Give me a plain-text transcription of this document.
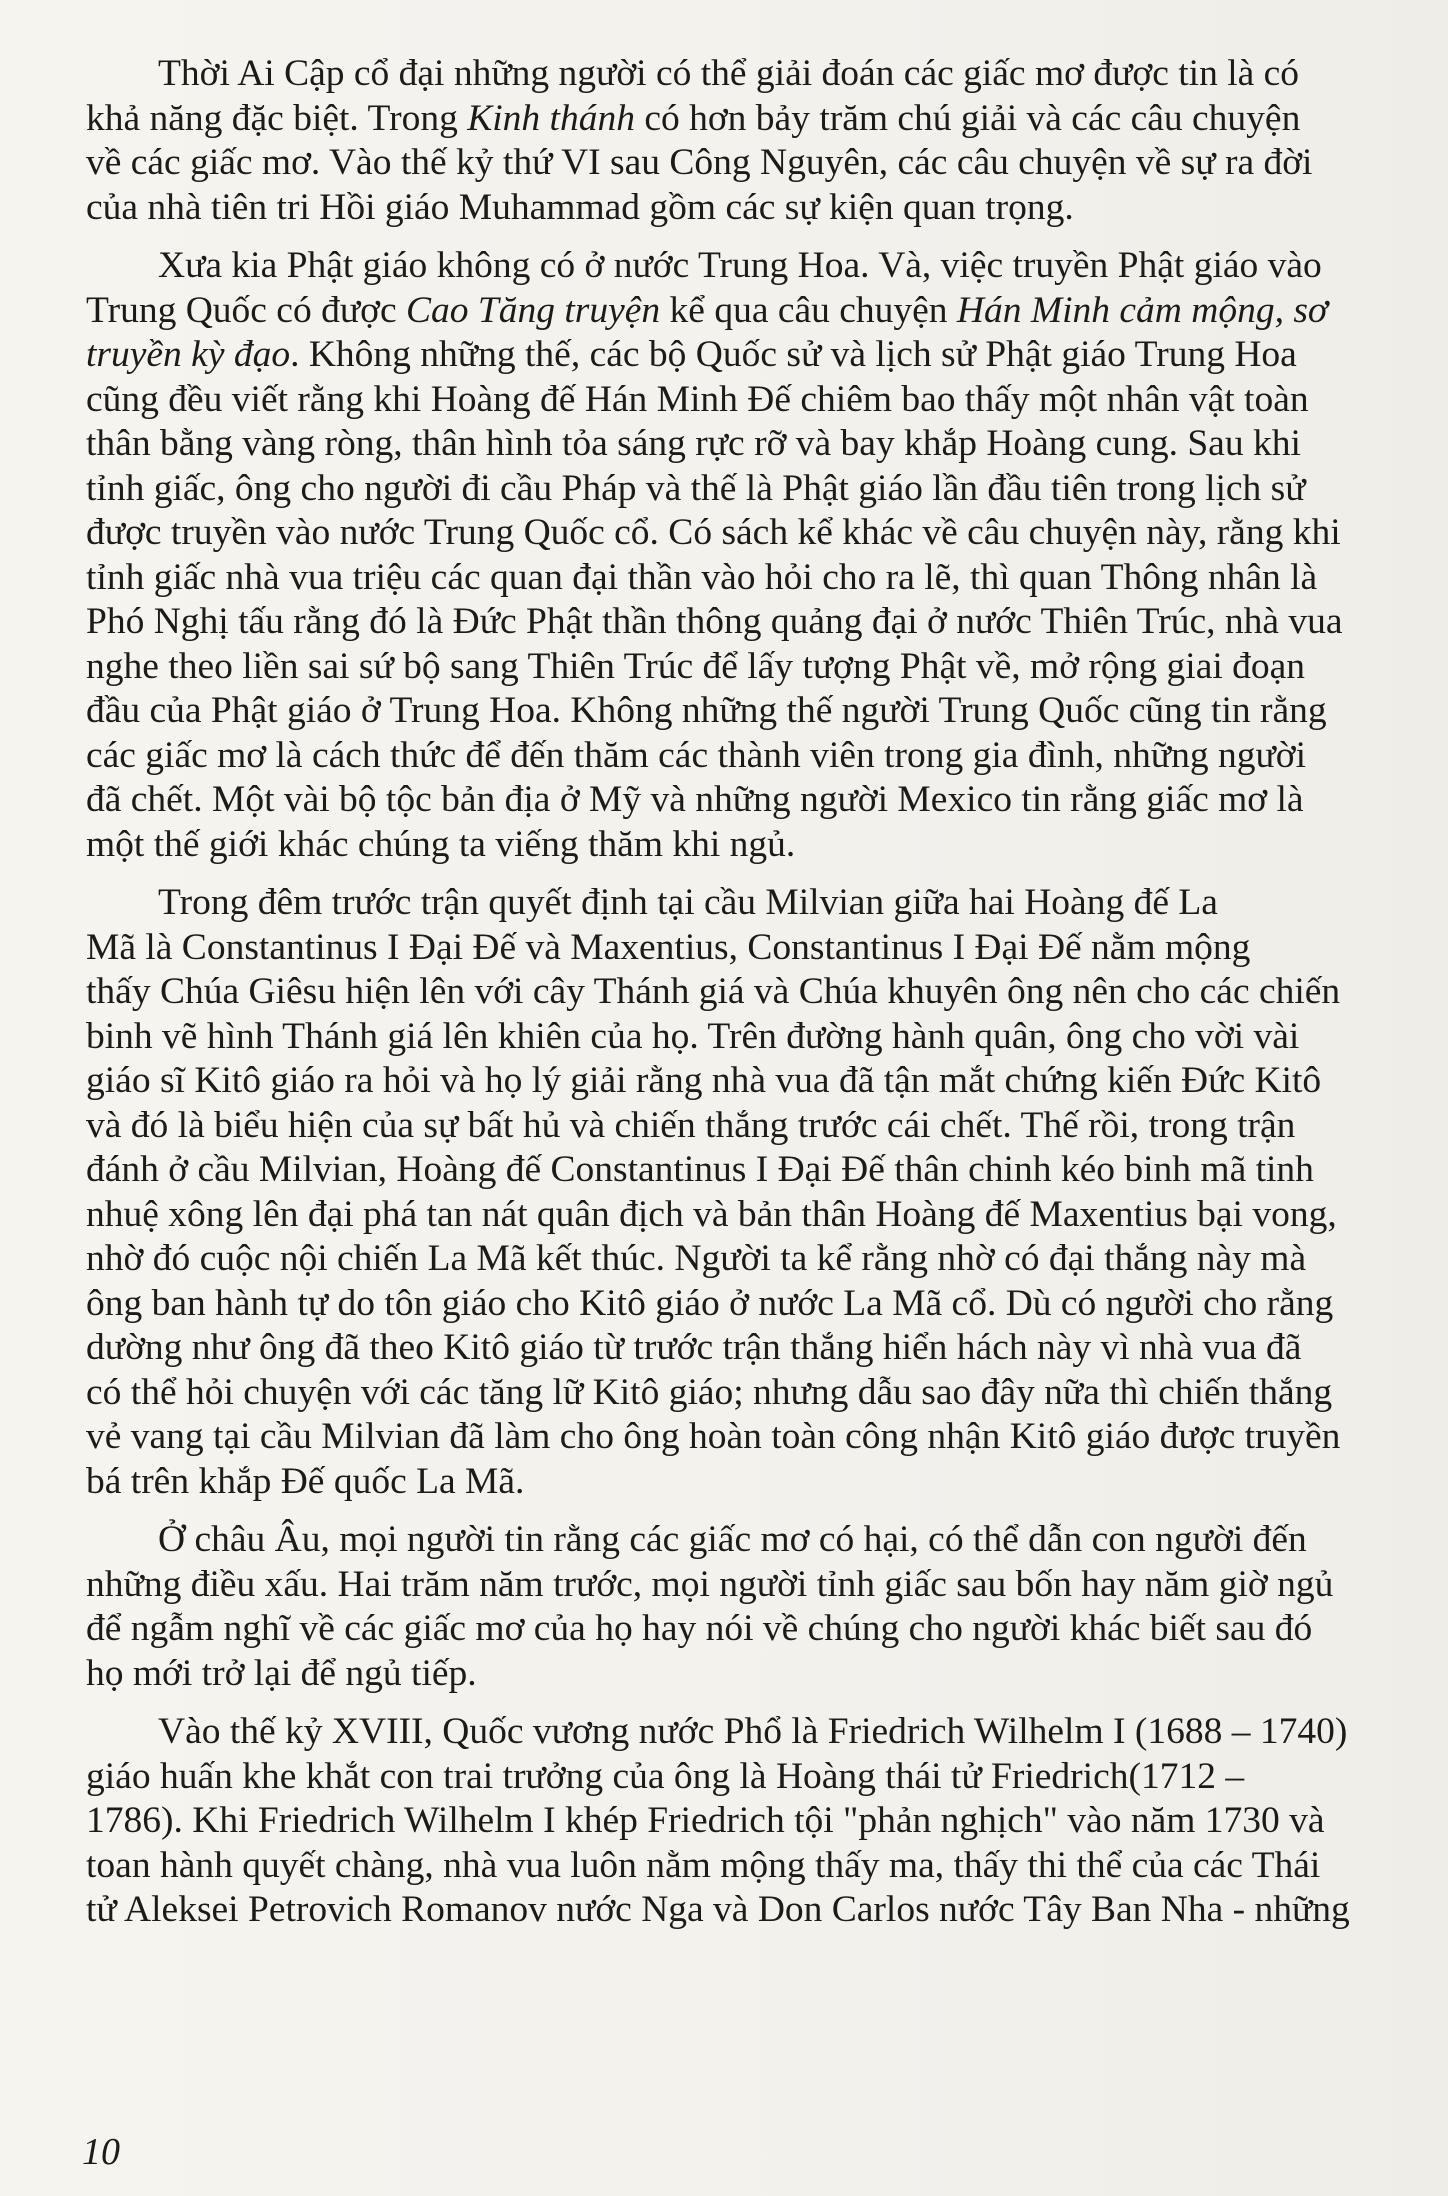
Thời Ai Cập cổ đại những người có thể giải đoán các giấc mơ được tin là có
khả năng đặc biệt. Trong Kinh thánh có hơn bảy trăm chú giải và các câu chuyện
về các giấc mơ. Vào thế kỷ thứ VI sau Công Nguyên, các câu chuyện về sự ra đời
của nhà tiên tri Hồi giáo Muhammad gồm các sự kiện quan trọng.

Xưa kia Phật giáo không có ở nước Trung Hoa. Và, việc truyền Phật giáo vào
Trung Quốc có được Cao Tăng truyện kể qua câu chuyện Hán Minh cảm mộng, sơ
truyền kỳ đạo. Không những thế, các bộ Quốc sử và lịch sử Phật giáo Trung Hoa
cũng đều viết rằng khi Hoàng đế Hán Minh Đế chiêm bao thấy một nhân vật toàn
thân bằng vàng ròng, thân hình tỏa sáng rực rỡ và bay khắp Hoàng cung. Sau khi
tỉnh giấc, ông cho người đi cầu Pháp và thế là Phật giáo lần đầu tiên trong lịch sử
được truyền vào nước Trung Quốc cổ. Có sách kể khác về câu chuyện này, rằng khi
tỉnh giấc nhà vua triệu các quan đại thần vào hỏi cho ra lẽ, thì quan Thông nhân là
Phó Nghị tấu rằng đó là Đức Phật thần thông quảng đại ở nước Thiên Trúc, nhà vua
nghe theo liền sai sứ bộ sang Thiên Trúc để lấy tượng Phật về, mở rộng giai đoạn
đầu của Phật giáo ở Trung Hoa. Không những thế người Trung Quốc cũng tin rằng
các giấc mơ là cách thức để đến thăm các thành viên trong gia đình, những người
đã chết. Một vài bộ tộc bản địa ở Mỹ và những người Mexico tin rằng giấc mơ là
một thế giới khác chúng ta viếng thăm khi ngủ.

Trong đêm trước trận quyết định tại cầu Milvian giữa hai Hoàng đế La
Mã là Constantinus I Đại Đế và Maxentius, Constantinus I Đại Đế nằm mộng
thấy Chúa Giêsu hiện lên với cây Thánh giá và Chúa khuyên ông nên cho các chiến
binh vẽ hình Thánh giá lên khiên của họ. Trên đường hành quân, ông cho vời vài
giáo sĩ Kitô giáo ra hỏi và họ lý giải rằng nhà vua đã tận mắt chứng kiến Đức Kitô
và đó là biểu hiện của sự bất hủ và chiến thắng trước cái chết. Thế rồi, trong trận
đánh ở cầu Milvian, Hoàng đế Constantinus I Đại Đế thân chinh kéo binh mã tinh
nhuệ xông lên đại phá tan nát quân địch và bản thân Hoàng đế Maxentius bại vong,
nhờ đó cuộc nội chiến La Mã kết thúc. Người ta kể rằng nhờ có đại thắng này mà
ông ban hành tự do tôn giáo cho Kitô giáo ở nước La Mã cổ. Dù có người cho rằng
dường như ông đã theo Kitô giáo từ trước trận thắng hiển hách này vì nhà vua đã
có thể hỏi chuyện với các tăng lữ Kitô giáo; nhưng dẫu sao đây nữa thì chiến thắng
vẻ vang tại cầu Milvian đã làm cho ông hoàn toàn công nhận Kitô giáo được truyền
bá trên khắp Đế quốc La Mã.

Ở châu Âu, mọi người tin rằng các giấc mơ có hại, có thể dẫn con người đến
những điều xấu. Hai trăm năm trước, mọi người tỉnh giấc sau bốn hay năm giờ ngủ
để ngẫm nghĩ về các giấc mơ của họ hay nói về chúng cho người khác biết sau đó
họ mới trở lại để ngủ tiếp.

Vào thế kỷ XVIII, Quốc vương nước Phổ là Friedrich Wilhelm I (1688 – 1740)
giáo huấn khe khắt con trai trưởng của ông là Hoàng thái tử Friedrich(1712 –
1786). Khi Friedrich Wilhelm I khép Friedrich tội "phản nghịch" vào năm 1730 và
toan hành quyết chàng, nhà vua luôn nằm mộng thấy ma, thấy thi thể của các Thái
tử Aleksei Petrovich Romanov nước Nga và Don Carlos nước Tây Ban Nha - những

10
